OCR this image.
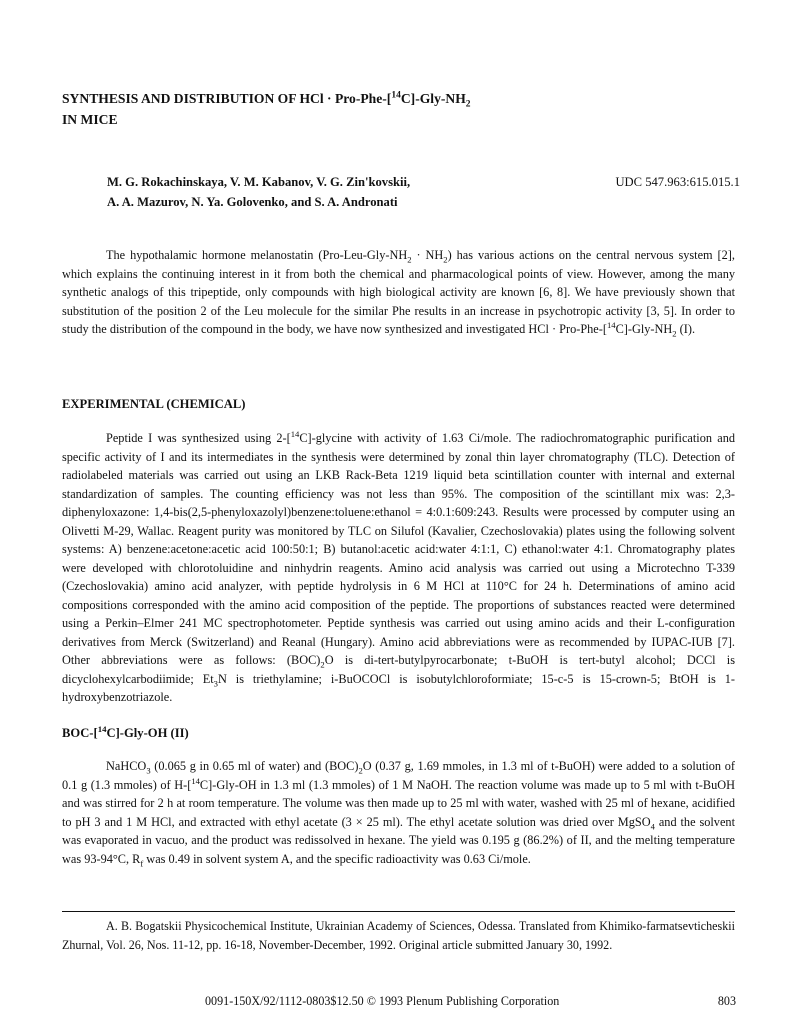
SYNTHESIS AND DISTRIBUTION OF HCl · Pro-$Phe-[^{14}C]-Gly-NH_2$
IN MICE
M. G. Rokachinskaya, V. M. Kabanov, V. G. Zin'kovskii,
A. A. Mazurov, N. Ya. Golovenko, and S. A. Andronati
UDC 547.963:615.015.1

The hypothalamic hormone melanostatin $(Pro-Leu-Gly-NH_2 \cdot NH_2)$ has various actions on the central nervous system [2], which explains the continuing interest in it from both the chemical and pharmacological points of view. However, among the many synthetic analogs of this tripeptide, only compounds with high biological activity are known [6, 8]. We have previously shown that substitution of the position 2 of the Leu molecule for the similar Phe results in an increase in psychotropic activity [3, 5]. In order to study the distribution of the compound in the body, we have now synthesized and investigated HCl · Pro-$Phe-[^{14}C]-Gly-NH_2$ (I).

EXPERIMENTAL (CHEMICAL)

Peptide I was synthesized using 2-[$^{14}$C]-glycine with activity of 1.63 Ci/mole. The radiochromatographic purification and specific activity of I and its intermediates in the synthesis were determined by zonal thin layer chromatography (TLC). Detection of radiolabeled materials was carried out using an LKB Rack-Beta 1219 liquid beta scintillation counter with internal and external standardization of samples. The counting efficiency was not less than 95%. The composition of the scintillant mix was: 2,3-diphenyloxazone: 1,4-bis(2,5-phenyloxazolyl)benzene:toluene:ethanol = 4:0.1:609:243. Results were processed by computer using an Olivetti M-29, Wallac. Reagent purity was monitored by TLC on Silufol (Kavalier, Czechoslovakia) plates using the following solvent systems: A) benzene:acetone:acetic acid 100:50:1; B) butanol:acetic acid:water 4:1:1, C) ethanol:water 4:1. Chromatography plates were developed with chlorotoluidine and ninhydrin reagents. Amino acid analysis was carried out using a Microtechno T-339 (Czechoslovakia) amino acid analyzer, with peptide hydrolysis in 6 M HCl at 110°C for 24 h. Determinations of amino acid compositions corresponded with the amino acid composition of the peptide. The proportions of substances reacted were determined using a Perkin–Elmer 241 MC spectrophotometer. Peptide synthesis was carried out using amino acids and their L-configuration derivatives from Merck (Switzerland) and Reanal (Hungary). Amino acid abbreviations were as recommended by IUPAC-IUB [7]. Other abbreviations were as follows: $(BOC)_2O$ is di-tert-butylpyrocarbonate; t-BuOH is tert-butyl alcohol; DCCl is dicyclohexylcarbodiimide; $Et_3N$ is triethylamine; i-BuOCOCl is isobutylchloroformiate; 15-c-5 is 15-crown-5; BtOH is 1-hydroxybenzotriazole.

BOC-[$^{14}$C]-Gly-OH (II)

NaHCO$_3$ (0.065 g in 0.65 ml of water) and $(BOC)_2O$ (0.37 g, 1.69 mmoles, in 1.3 ml of t-BuOH) were added to a solution of 0.1 g (1.3 mmoles) of H-[$^{14}$C]-Gly-OH in 1.3 ml (1.3 mmoles) of 1 M NaOH. The reaction volume was made up to 5 ml with t-BuOH and was stirred for 2 h at room temperature. The volume was then made up to 25 ml with water, washed with 25 ml of hexane, acidified to pH 3 and 1 M HCl, and extracted with ethyl acetate (3 × 25 ml). The ethyl acetate solution was dried over MgSO$_4$ and the solvent was evaporated in vacuo, and the product was redissolved in hexane. The yield was 0.195 g (86.2%) of II, and the melting temperature was 93-94°C, $R_f$ was 0.49 in solvent system A, and the specific radioactivity was 0.63 Ci/mole.

A. B. Bogatskii Physicochemical Institute, Ukrainian Academy of Sciences, Odessa. Translated from Khimiko-farmatsevticheskii Zhurnal, Vol. 26, Nos. 11-12, pp. 16-18, November-December, 1992. Original article submitted January 30, 1992.

0091-150X/92/1112-0803$12.50 © 1993 Plenum Publishing Corporation	803
